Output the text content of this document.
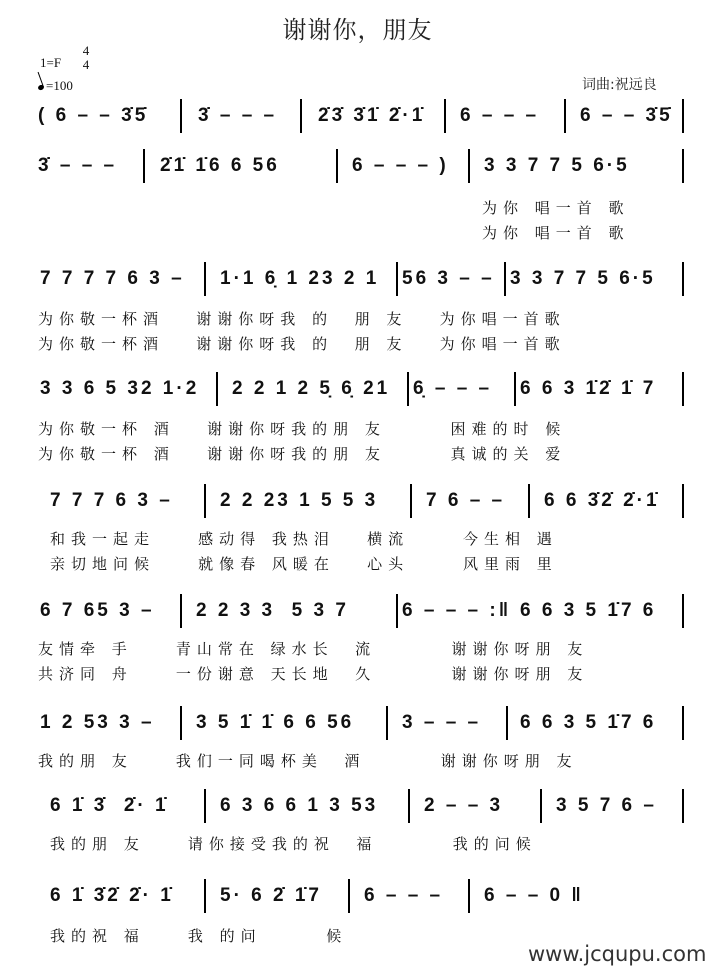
谢谢你，朋友
1=F
4
4
=100	词曲:祝远良
( 6 – – 3̇5̇	3̇ – – – 2̇3̇ 3̇1̇ 2̇·1̇ 6 – – – 6 – – 3̇5̇
3̇ – – – 2̇1̇ 1̇6 6 56	6 – – – ) 3 3 7 7 5 6·5
为你 唱一首 歌
为你 唱一首 歌
7 7 7 7 6 3 – 1·1 6̣ 1 23 2 1 56 3 – – 3 3 7 7 5 6·5
为你敬一杯酒   谢谢你呀我 的  朋 友   为你唱一首歌
为你敬一杯酒   谢谢你呀我 的  朋 友   为你唱一首歌
3 3 6 5 32 1·2 2 2 1 2 5̣ 6̣ 21 6̣ – – – 6 6 3 1̇2̇ 1̇ 7
为你敬一杯 酒   谢谢你呀我的朋 友      困难的时 候
为你敬一杯 酒   谢谢你呀我的朋 友      真诚的关 爱
7 7 7 6 3 – 2 2 23 1 5 5 3	7 6 – – 6 6 3̇2̇ 2̇·1̇
和我一起走    感动得 我热泪   横流     今生相 遇
亲切地问候    就像春 风暖在   心头     风里雨 里
6 7 65 3 – 2 2 3 3  5 3 7	6 – – – :‖ 6 6 3 5 1̇7 6
友情牵 手    青山常在 绿水长  流       谢谢你呀朋 友
共济同 舟    一份谢意 天长地  久       谢谢你呀朋 友
1 2 53 3 – 3 5 1̇ 1̇ 6 6 56	3 – – – 6 6 3 5 1̇7 6
我的朋 友    我们一同喝杯美  酒       谢谢你呀朋 友
6 1̇ 3̇  2̇· 1̇	6 3 6 6 1 3 53 2 – – 3	3 5 7 6 –
我的朋 友    请你接受我的祝  福       我的问候
6 1̇ 3̇2̇ 2̇· 1̇ 5· 6 2̇ 1̇7 6 – – – 6 – – 0 ‖
我的祝 福    我 的问      候
www.jcqupu.com
